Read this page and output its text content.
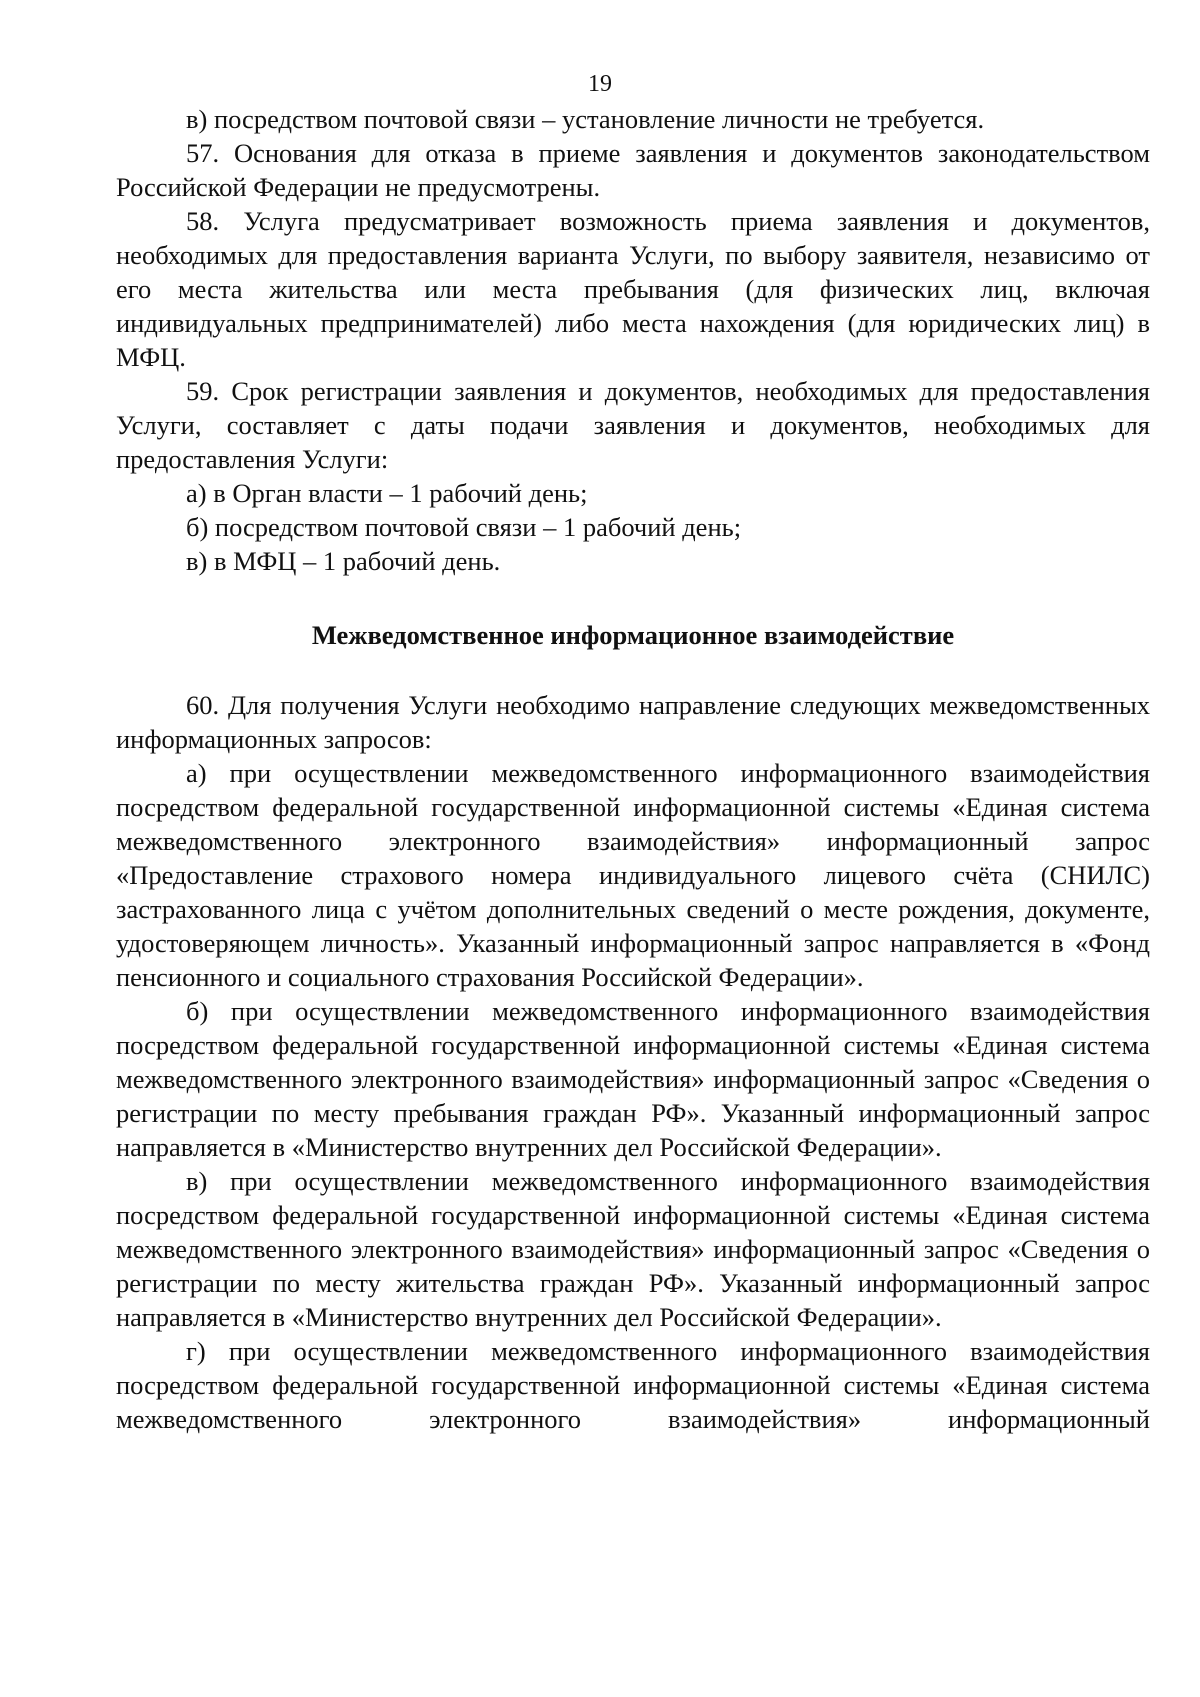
19

в) посредством почтовой связи – установление личности не требуется.

57. Основания для отказа в приеме заявления и документов законодательством Российской Федерации не предусмотрены.

58. Услуга предусматривает возможность приема заявления и документов, необходимых для предоставления варианта Услуги, по выбору заявителя, независимо от его места жительства или места пребывания (для физических лиц, включая индивидуальных предпринимателей) либо места нахождения (для юридических лиц) в МФЦ.

59. Срок регистрации заявления и документов, необходимых для предоставления Услуги, составляет с даты подачи заявления и документов, необходимых для предоставления Услуги:

а) в Орган власти – 1 рабочий день;

б) посредством почтовой связи – 1 рабочий день;

в) в МФЦ – 1 рабочий день.

Межведомственное информационное взаимодействие

60. Для получения Услуги необходимо направление следующих межведомственных информационных запросов:

а) при осуществлении межведомственного информационного взаимодействия посредством федеральной государственной информационной системы «Единая система межведомственного электронного взаимодействия» информационный запрос «Предоставление страхового номера индивидуального лицевого счёта (СНИЛС) застрахованного лица с учётом дополнительных сведений о месте рождения, документе, удостоверяющем личность». Указанный информационный запрос направляется в «Фонд пенсионного и социального страхования Российской Федерации».

б) при осуществлении межведомственного информационного взаимодействия посредством федеральной государственной информационной системы «Единая система межведомственного электронного взаимодействия» информационный запрос «Сведения о регистрации по месту пребывания граждан РФ». Указанный информационный запрос направляется в «Министерство внутренних дел Российской Федерации».

в) при осуществлении межведомственного информационного взаимодействия посредством федеральной государственной информационной системы «Единая система межведомственного электронного взаимодействия» информационный запрос «Сведения о регистрации по месту жительства граждан РФ». Указанный информационный запрос направляется в «Министерство внутренних дел Российской Федерации».

г) при осуществлении межведомственного информационного взаимодействия посредством федеральной государственной информационной системы «Единая система межведомственного электронного взаимодействия» информационный
